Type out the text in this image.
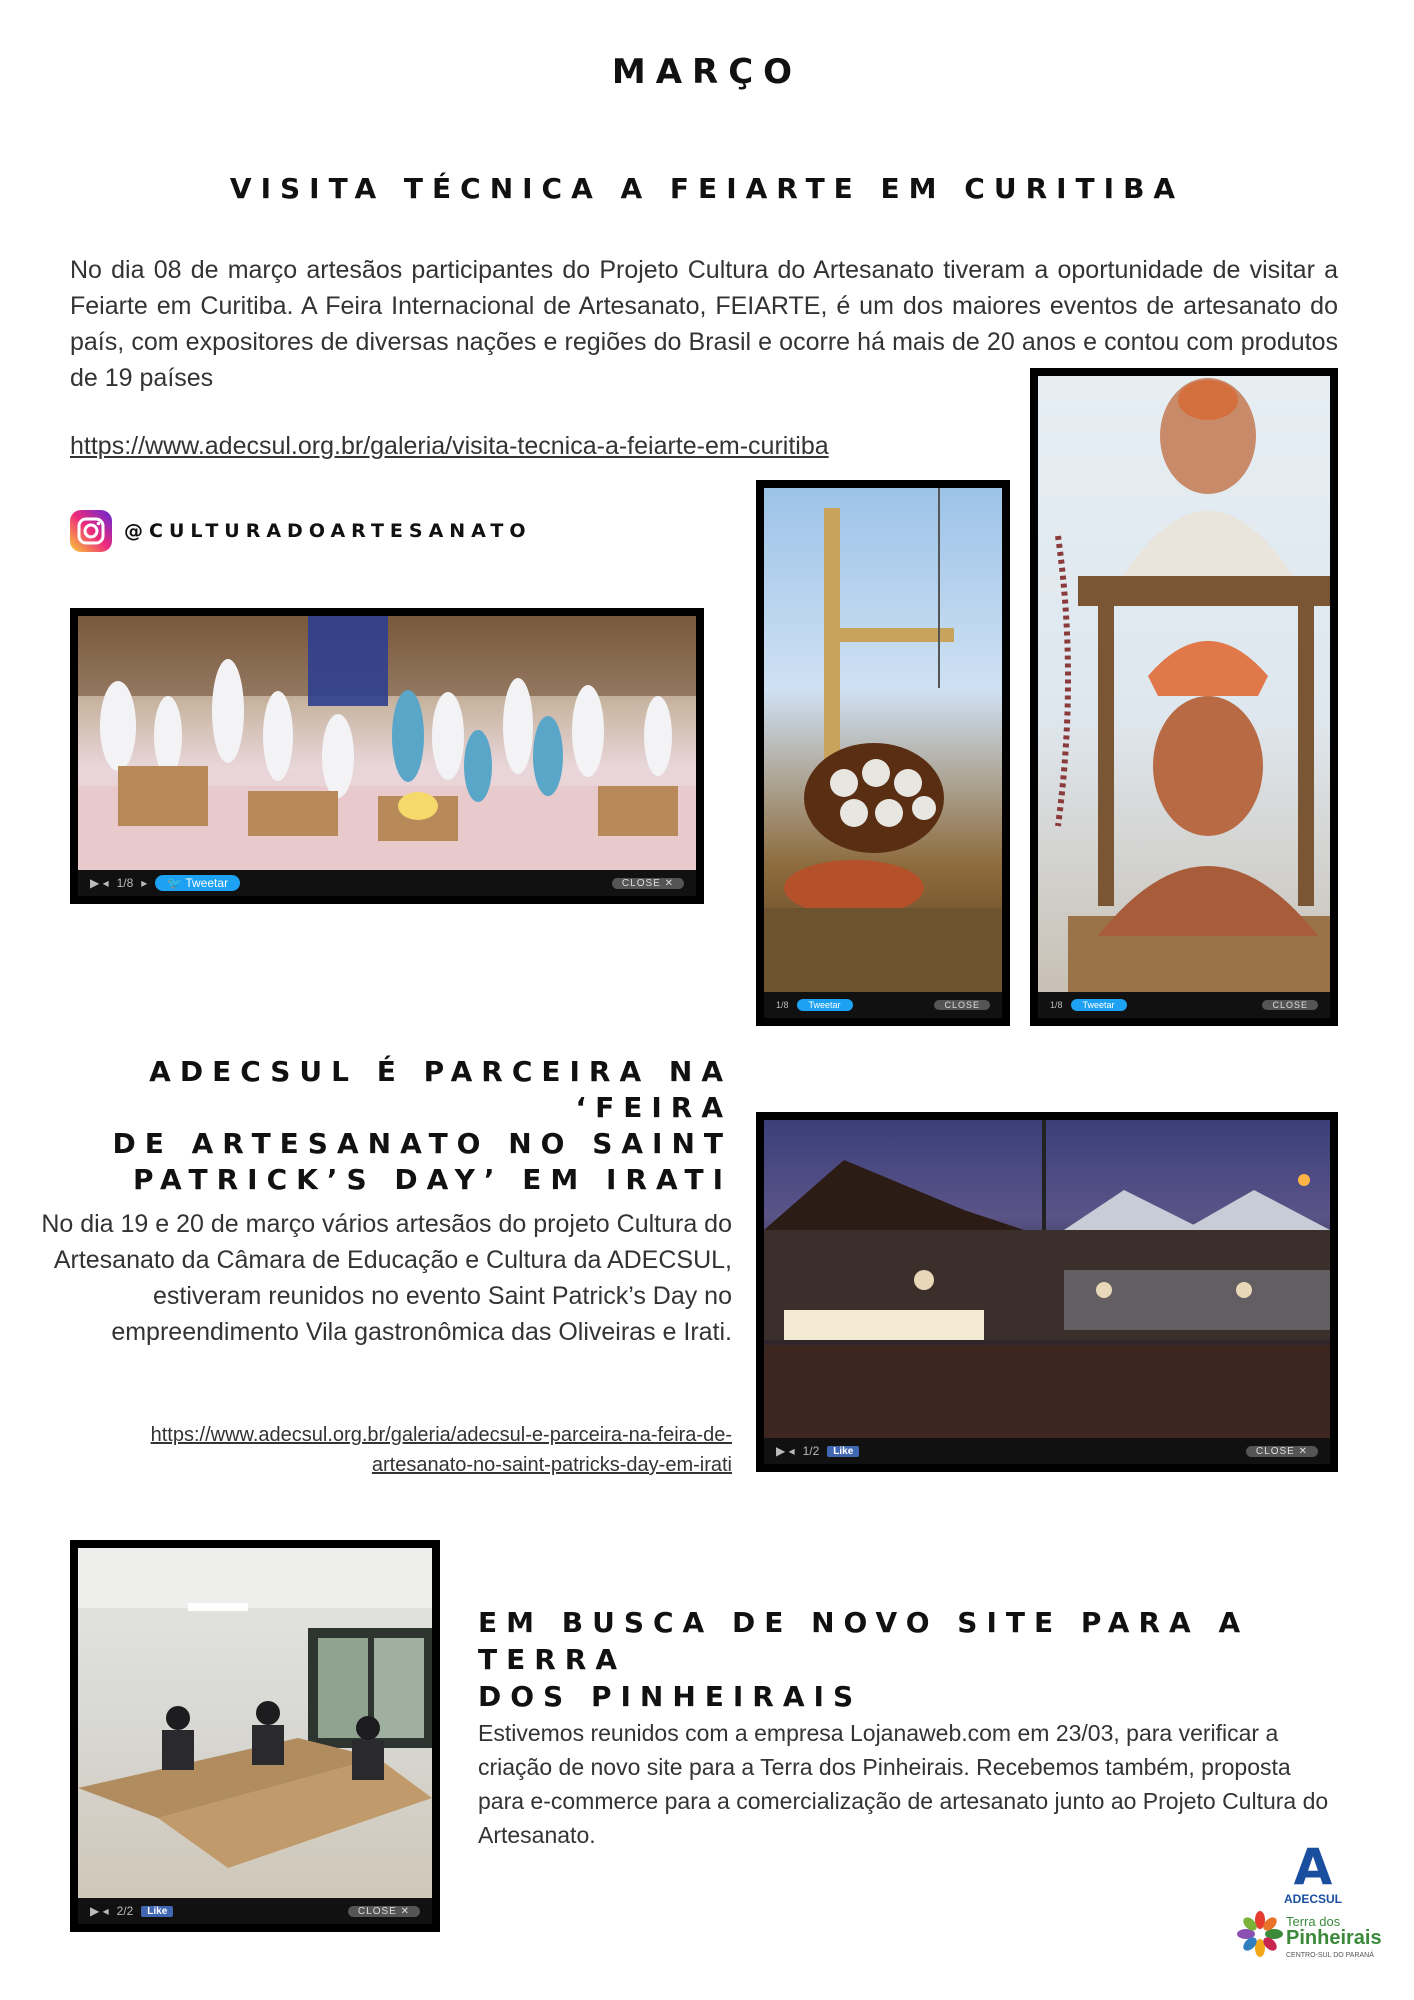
MARÇO
VISITA TÉCNICA A FEIARTE EM CURITIBA
No dia 08 de março artesãos participantes do Projeto Cultura do Artesanato tiveram a oportunidade de visitar a Feiarte em Curitiba. A Feira Internacional de Artesanato, FEIARTE, é um dos maiores eventos de artesanato do país, com expositores de diversas nações e regiões do Brasil e ocorre há mais de 20 anos e contou com produtos de 19 países
https://www.adecsul.org.br/galeria/visita-tecnica-a-feiarte-em-curitiba
@CULTURADOARTESANATO
▶ ◂ 1/8 ▸	🐦 Tweetar	CLOSE ✕
1/8	Tweetar	CLOSE	1/8	Tweetar	CLOSE
ADECSUL É PARCEIRA NA ‘FEIRA
DE ARTESANATO NO SAINT
PATRICK’S DAY’ EM IRATI
No dia 19 e 20 de março vários artesãos do projeto Cultura do Artesanato da Câmara de Educação e Cultura da ADECSUL, estiveram reunidos no evento Saint Patrick’s Day no empreendimento Vila gastronômica das Oliveiras e Irati.
https://www.adecsul.org.br/galeria/adecsul-e-parceira-na-feira-de-
artesanato-no-saint-patricks-day-em-irati
▶ ◂ 1/2	Like	CLOSE ✕
▶ ◂ 2/2	Like	CLOSE ✕
EM BUSCA DE NOVO SITE PARA A TERRA
DOS PINHEIRAIS
Estivemos reunidos com a empresa Lojanaweb.com em 23/03, para verificar a criação de novo site para a Terra dos Pinheirais. Recebemos também, proposta para e-commerce para a comercialização de artesanato junto ao Projeto Cultura do Artesanato.
A
ADECSUL
Terra dos
Pinheirais
CENTRO-SUL DO PARANÁ
